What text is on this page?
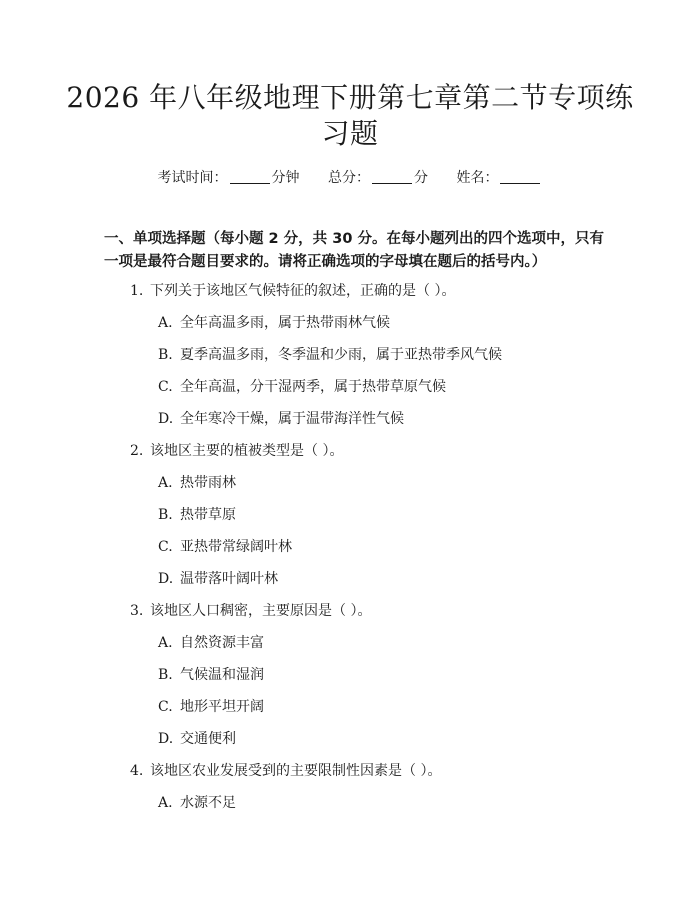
2026 年八年级地理下册第七章第二节专项练
习题
考试时间：	分钟 总分：	分 姓名：
一、单项选择题（每小题 2 分，共 30 分。在每小题列出的四个选项中，只有一项是最符合题目要求的。请将正确选项的字母填在题后的括号内。）
1. 下列关于该地区气候特征的叙述，正确的是（ ）。
A. 全年高温多雨，属于热带雨林气候
B. 夏季高温多雨，冬季温和少雨，属于亚热带季风气候
C. 全年高温，分干湿两季，属于热带草原气候
D. 全年寒冷干燥，属于温带海洋性气候
2. 该地区主要的植被类型是（ ）。
A. 热带雨林
B. 热带草原
C. 亚热带常绿阔叶林
D. 温带落叶阔叶林
3. 该地区人口稠密，主要原因是（ ）。
A. 自然资源丰富
B. 气候温和湿润
C. 地形平坦开阔
D. 交通便利
4. 该地区农业发展受到的主要限制性因素是（ ）。
A. 水源不足
